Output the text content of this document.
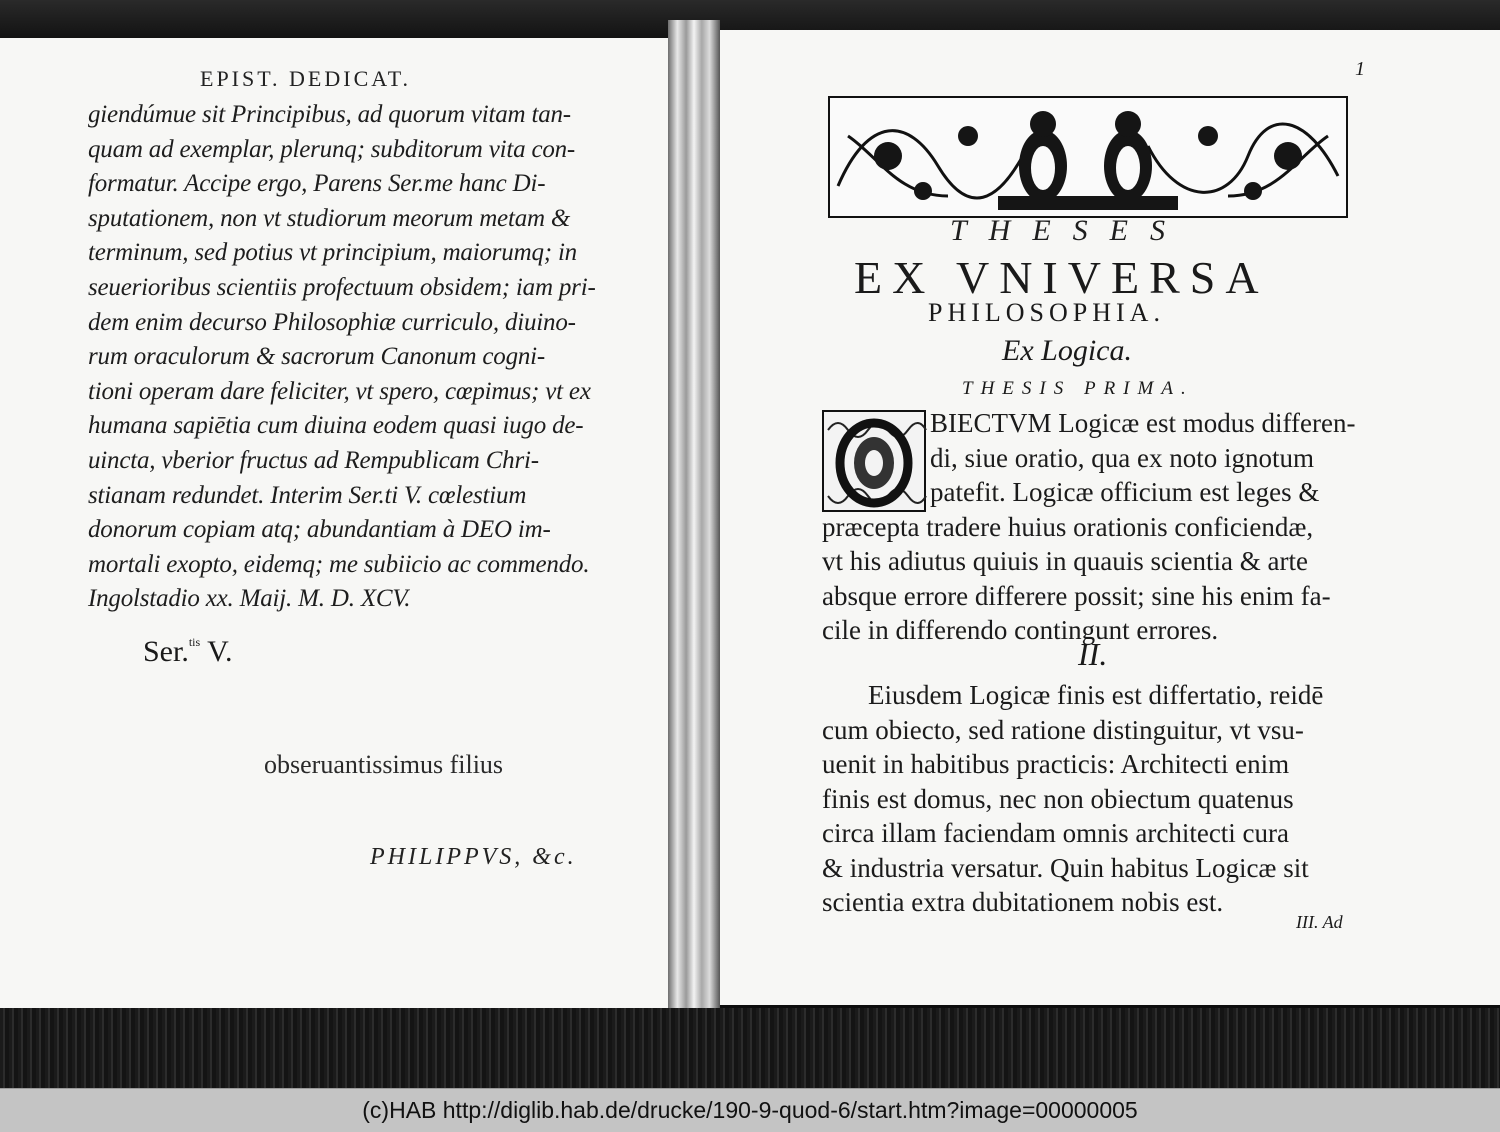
EPIST. DEDICAT.
giendúmue sit Principibus, ad quorum vitam tan-
quam ad exemplar, plerunq; subditorum vita con-
formatur. Accipe ergo, Parens Ser.me hanc Di-
sputationem, non vt studiorum meorum metam &
terminum, sed potius vt principium, maiorumq; in
seuerioribus scientiis profectuum obsidem; iam pri-
dem enim decurso Philosophiæ curriculo, diuino-
rum oraculorum & sacrorum Canonum cogni-
tioni operam dare feliciter, vt spero, cœpimus; vt ex
humana sapiētia cum diuina eodem quasi iugo de-
uincta, vberior fructus ad Rempublicam Chri-
stianam redundet. Interim Ser.ti V. cœlestium
donorum copiam atq; abundantiam à DEO im-
mortali exopto, eidemq; me subiicio ac commendo.
Ingolstadio xx. Maij. M. D. XCV.
Ser.$^{tis}$ V.
obseruantissimus filius
PHILIPPVS, &c.
1
THESES
EX VNIVERSA
PHILOSOPHIA.
Ex Logica.
THESIS PRIMA.
BIECTVM Logicæ est modus differen-
di, siue oratio, qua ex noto ignotum
patefit. Logicæ officium est leges &
præcepta tradere huius orationis conficiendæ,
vt his adiutus quiuis in quauis scientia & arte
absque errore differere possit; sine his enim fa-
cile in differendo contingunt errores.
II.
Eiusdem Logicæ finis est differtatio, reidē
cum obiecto, sed ratione distinguitur, vt vsu-
uenit in habitibus practicis: Architecti enim
finis est domus, nec non obiectum quatenus
circa illam faciendam omnis architecti cura
& industria versatur. Quin habitus Logicæ sit
scientia extra dubitationem nobis est.
III. Ad
(c)HAB http://diglib.hab.de/drucke/190-9-quod-6/start.htm?image=00000005
